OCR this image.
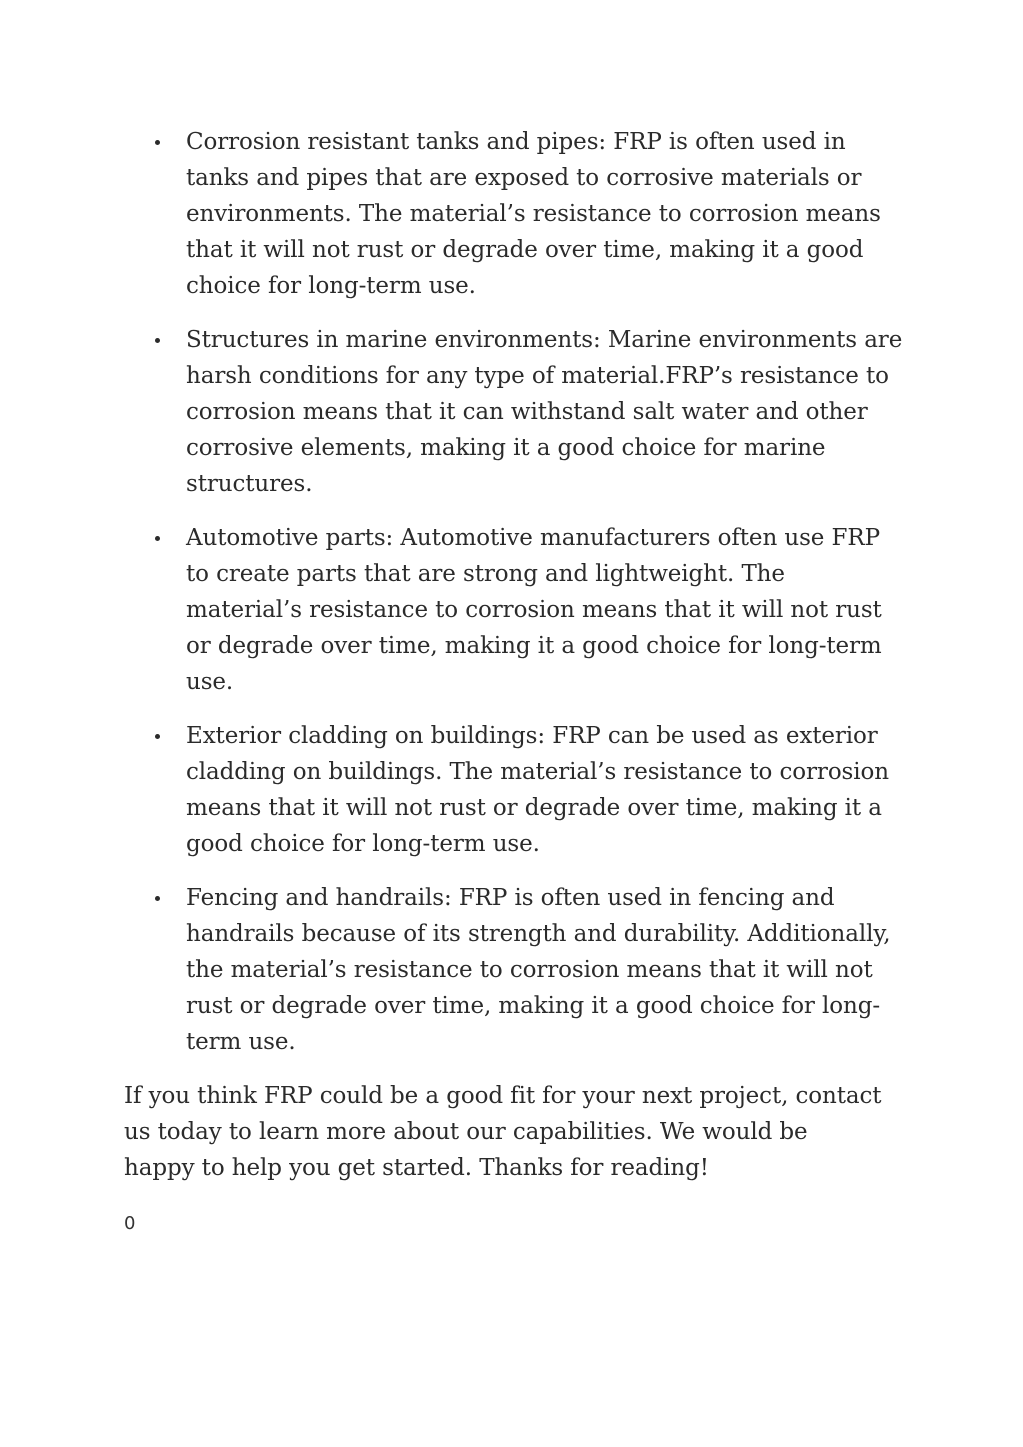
Corrosion resistant tanks and pipes: FRP is often used in tanks and pipes that are exposed to corrosive materials or environments. The material’s resistance to corrosion means that it will not rust or degrade over time, making it a good choice for long-term use.
Structures in marine environments: Marine environments are harsh conditions for any type of material.FRP’s resistance to corrosion means that it can withstand salt water and other corrosive elements, making it a good choice for marine structures.
Automotive parts: Automotive manufacturers often use FRP to create parts that are strong and lightweight. The material’s resistance to corrosion means that it will not rust or degrade over time, making it a good choice for long-term use.
Exterior cladding on buildings: FRP can be used as exterior cladding on buildings. The material’s resistance to corrosion means that it will not rust or degrade over time, making it a good choice for long-term use.
Fencing and handrails: FRP is often used in fencing and handrails because of its strength and durability. Additionally, the material’s resistance to corrosion means that it will not rust or degrade over time, making it a good choice for long-term use.

If you think FRP could be a good fit for your next project, contact us today to learn more about our capabilities. We would be happy to help you get started. Thanks for reading!

0
